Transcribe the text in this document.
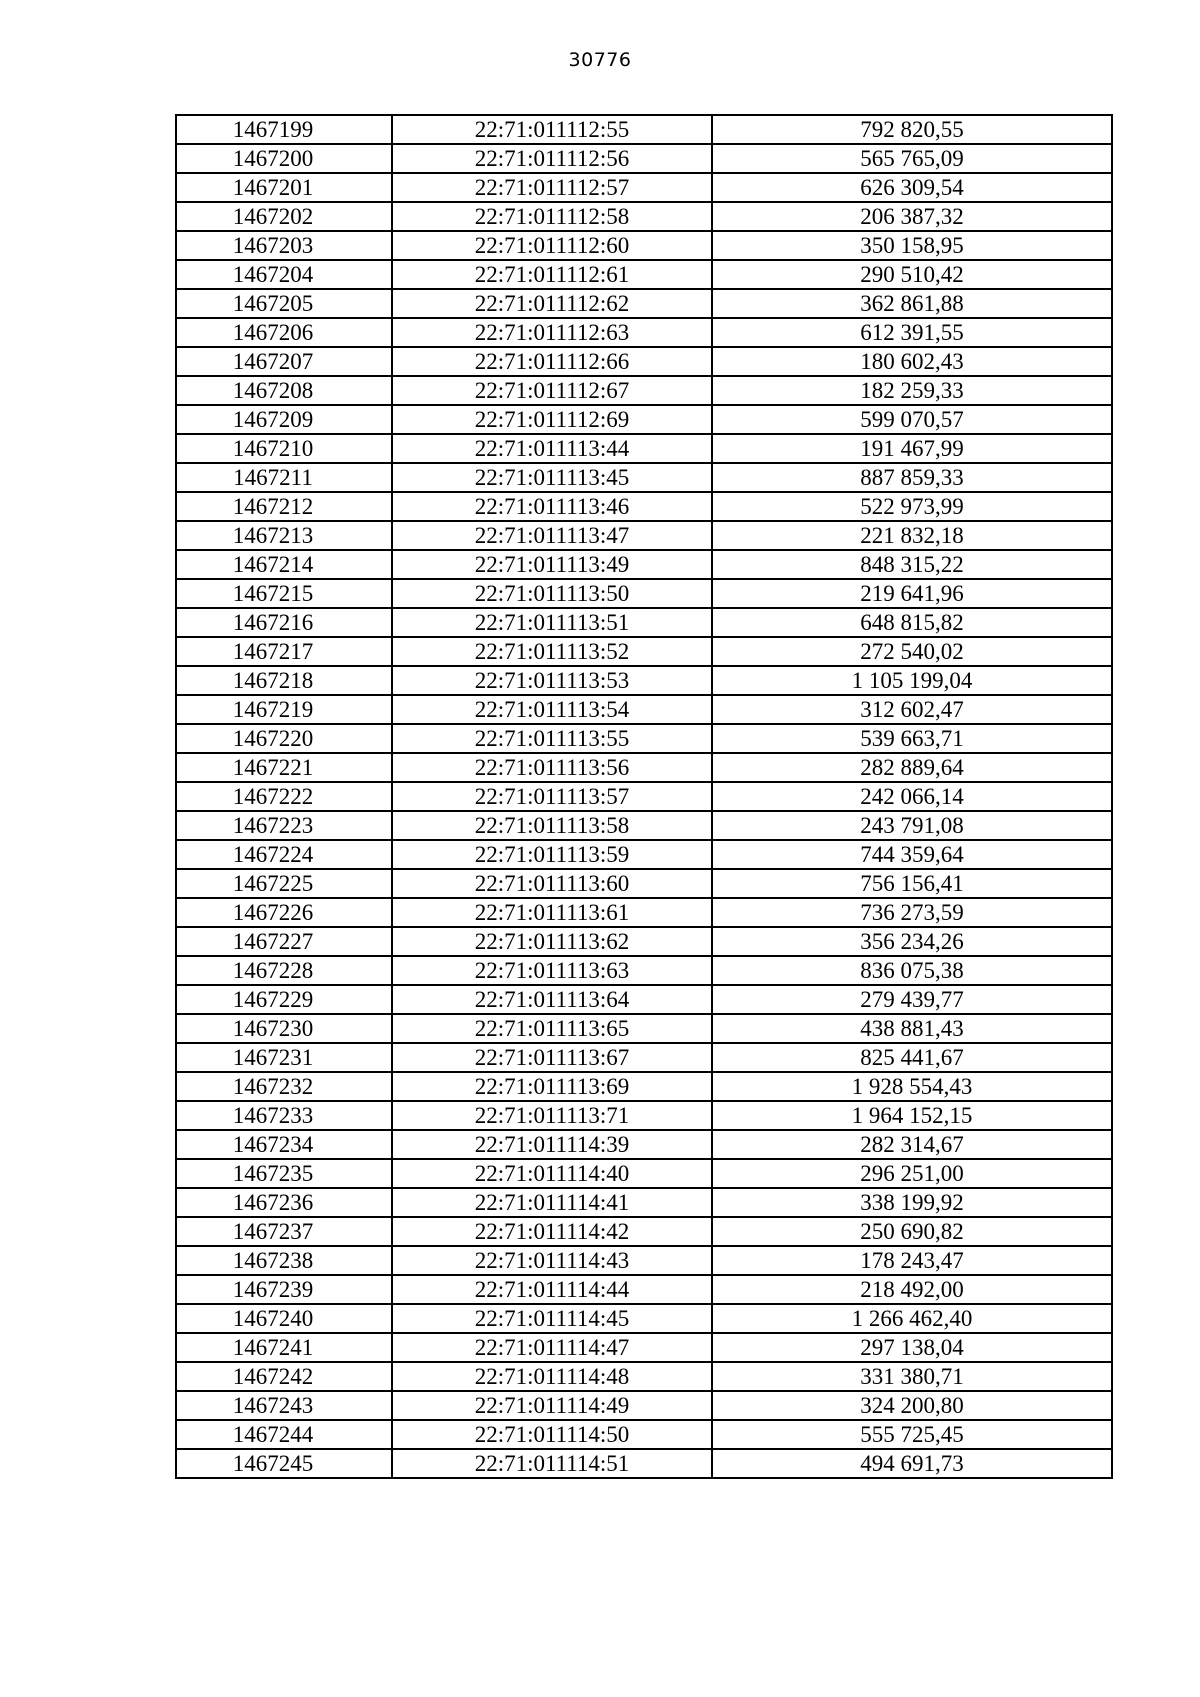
30776
1467199	22:71:011112:55	792 820,55
1467200	22:71:011112:56	565 765,09
1467201	22:71:011112:57	626 309,54
1467202	22:71:011112:58	206 387,32
1467203	22:71:011112:60	350 158,95
1467204	22:71:011112:61	290 510,42
1467205	22:71:011112:62	362 861,88
1467206	22:71:011112:63	612 391,55
1467207	22:71:011112:66	180 602,43
1467208	22:71:011112:67	182 259,33
1467209	22:71:011112:69	599 070,57
1467210	22:71:011113:44	191 467,99
1467211	22:71:011113:45	887 859,33
1467212	22:71:011113:46	522 973,99
1467213	22:71:011113:47	221 832,18
1467214	22:71:011113:49	848 315,22
1467215	22:71:011113:50	219 641,96
1467216	22:71:011113:51	648 815,82
1467217	22:71:011113:52	272 540,02
1467218	22:71:011113:53	1 105 199,04
1467219	22:71:011113:54	312 602,47
1467220	22:71:011113:55	539 663,71
1467221	22:71:011113:56	282 889,64
1467222	22:71:011113:57	242 066,14
1467223	22:71:011113:58	243 791,08
1467224	22:71:011113:59	744 359,64
1467225	22:71:011113:60	756 156,41
1467226	22:71:011113:61	736 273,59
1467227	22:71:011113:62	356 234,26
1467228	22:71:011113:63	836 075,38
1467229	22:71:011113:64	279 439,77
1467230	22:71:011113:65	438 881,43
1467231	22:71:011113:67	825 441,67
1467232	22:71:011113:69	1 928 554,43
1467233	22:71:011113:71	1 964 152,15
1467234	22:71:011114:39	282 314,67
1467235	22:71:011114:40	296 251,00
1467236	22:71:011114:41	338 199,92
1467237	22:71:011114:42	250 690,82
1467238	22:71:011114:43	178 243,47
1467239	22:71:011114:44	218 492,00
1467240	22:71:011114:45	1 266 462,40
1467241	22:71:011114:47	297 138,04
1467242	22:71:011114:48	331 380,71
1467243	22:71:011114:49	324 200,80
1467244	22:71:011114:50	555 725,45
1467245	22:71:011114:51	494 691,73
